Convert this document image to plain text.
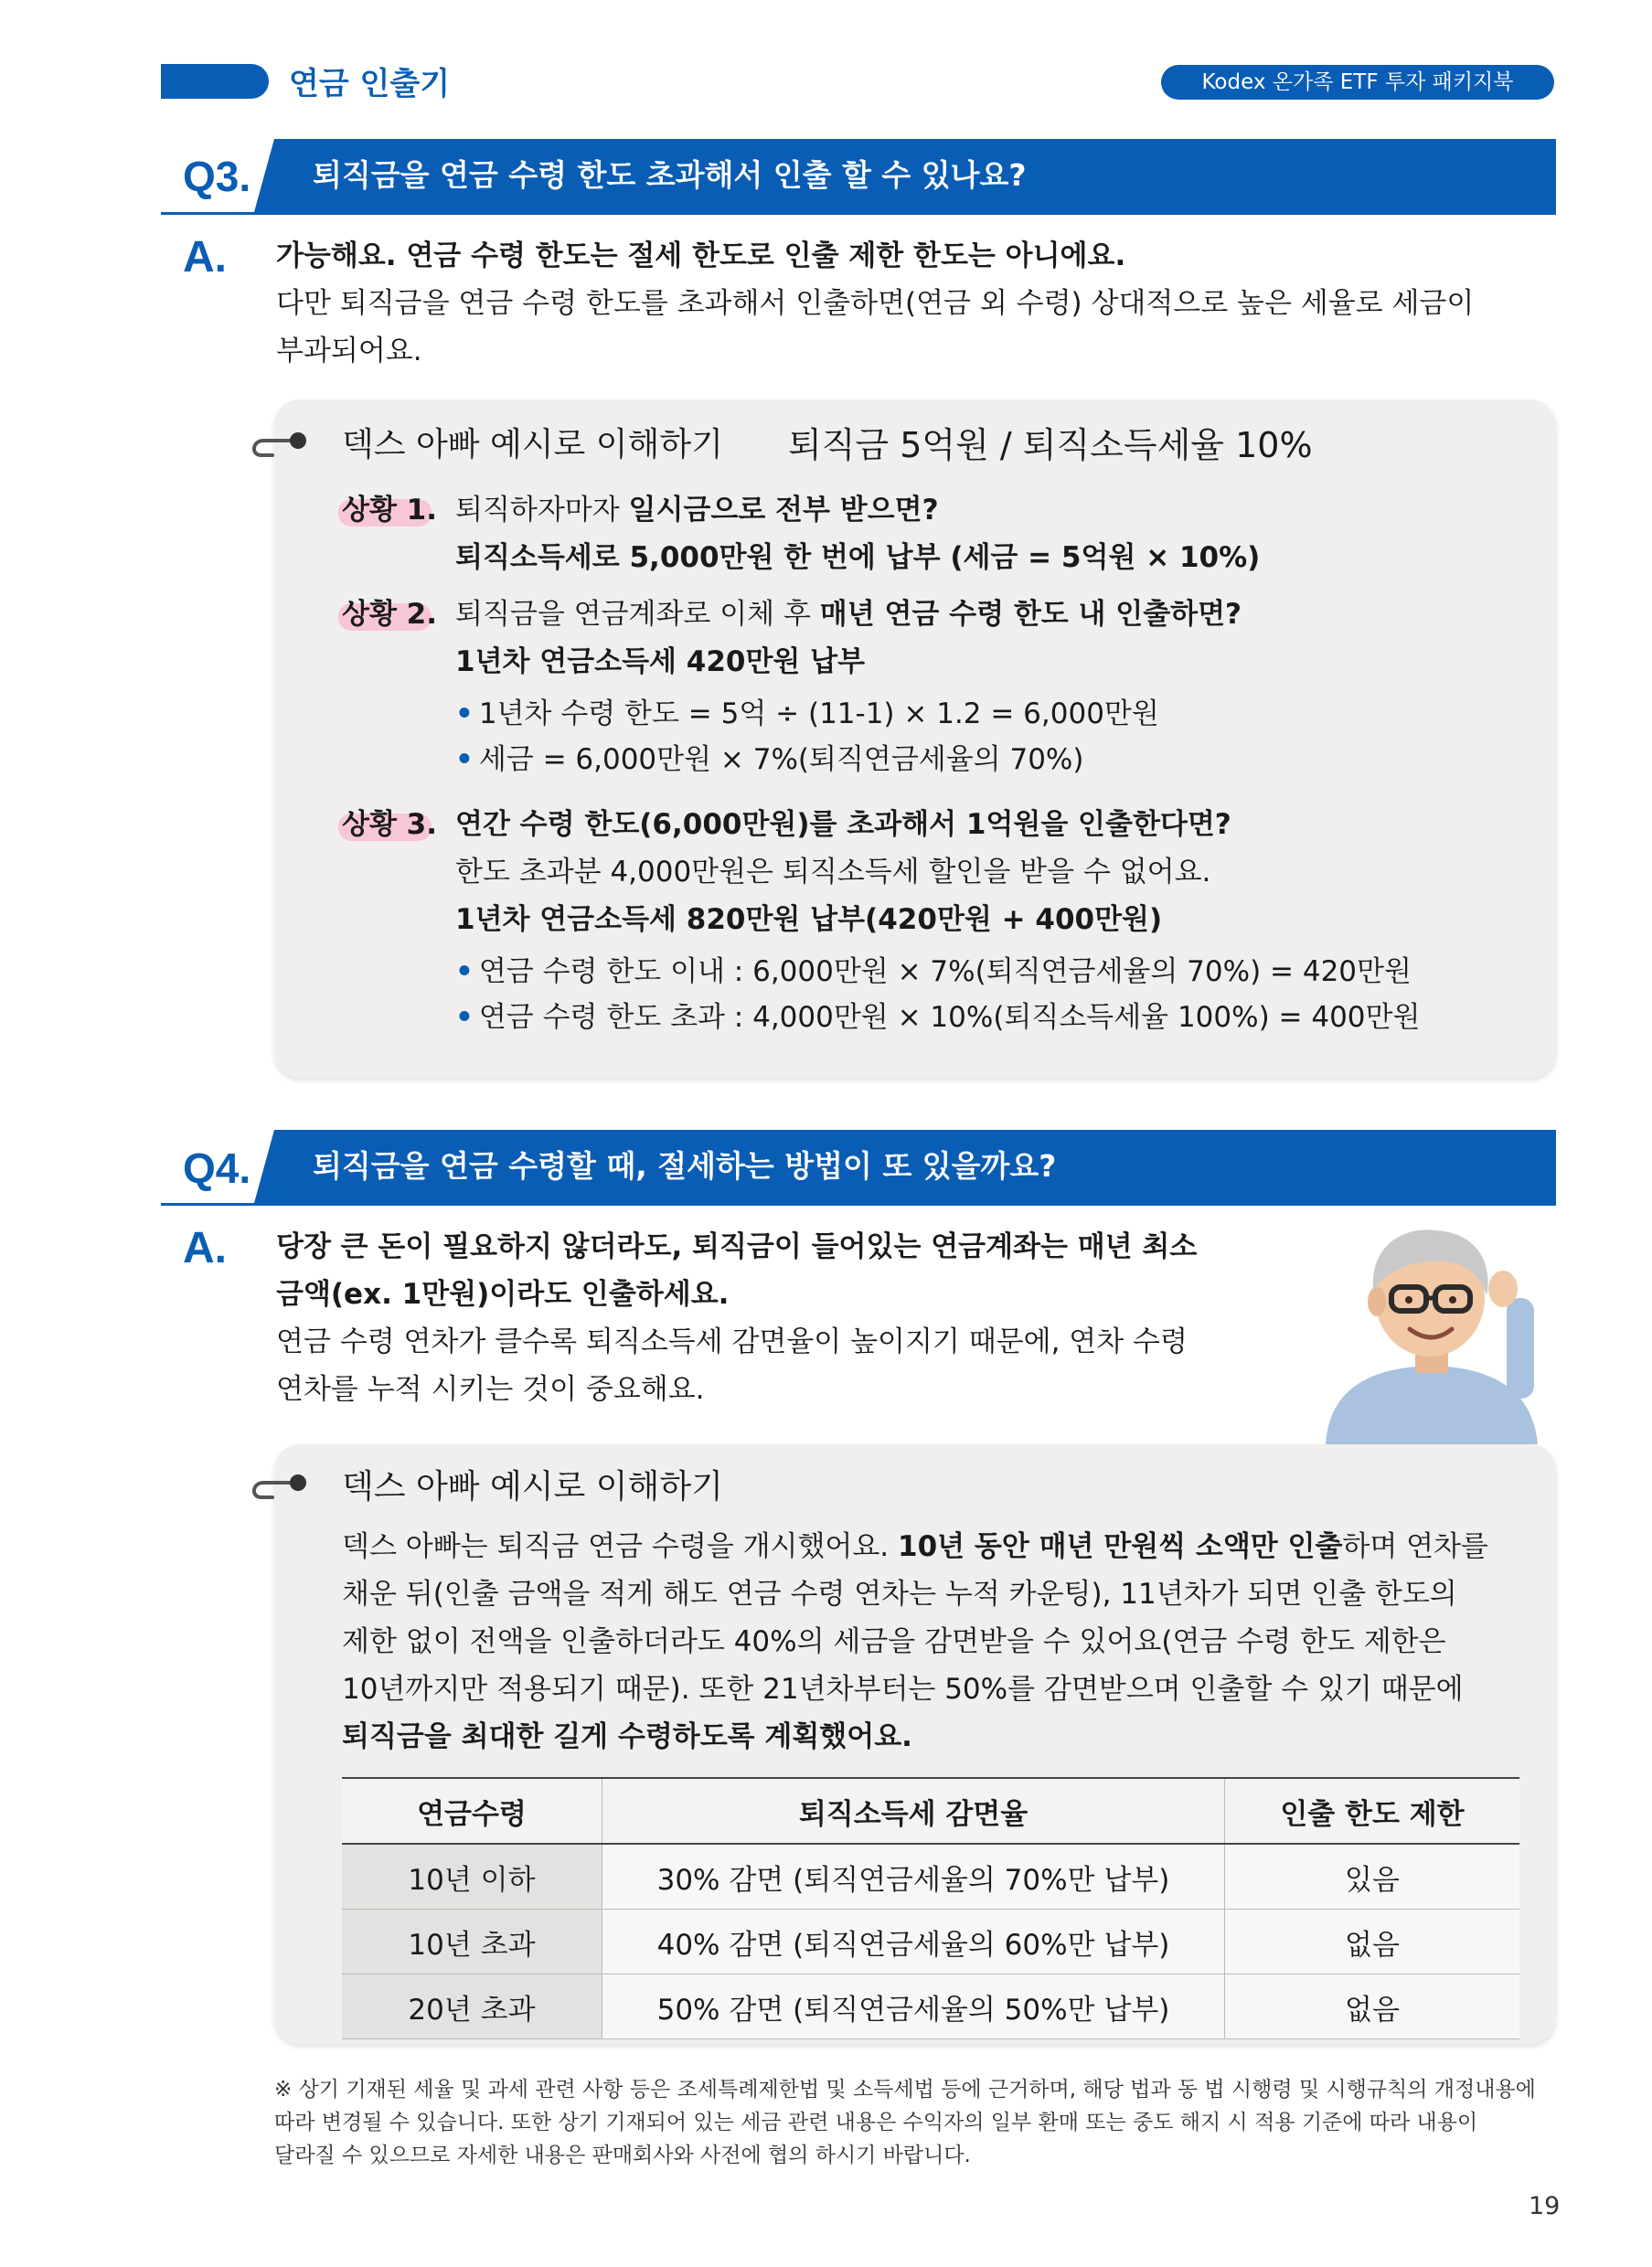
연금 인출기	Kodex 온가족 ETF 투자 패키지북
Q3.	퇴직금을 연금 수령 한도 초과해서 인출 할 수 있나요?
A. 가능해요. 연금 수령 한도는 절세 한도로 인출 제한 한도는 아니에요.
다만 퇴직금을 연금 수령 한도를 초과해서 인출하면(연금 외 수령) 상대적으로 높은 세율로 세금이
부과되어요.
덱스 아빠 예시로 이해하기 퇴직금 5억원 / 퇴직소득세율 10%
상황 1. 퇴직하자마자 일시금으로 전부 받으면?
퇴직소득세로 5,000만원 한 번에 납부 (세금 = 5억원 × 10%)
상황 2. 퇴직금을 연금계좌로 이체 후 매년 연금 수령 한도 내 인출하면?
1년차 연금소득세 420만원 납부
• 1년차 수령 한도 = 5억 ÷ (11-1) × 1.2 = 6,000만원
• 세금 = 6,000만원 × 7%(퇴직연금세율의 70%)
상황 3. 연간 수령 한도(6,000만원)를 초과해서 1억원을 인출한다면?
한도 초과분 4,000만원은 퇴직소득세 할인을 받을 수 없어요.
1년차 연금소득세 820만원 납부(420만원 + 400만원)
• 연금 수령 한도 이내 : 6,000만원 × 7%(퇴직연금세율의 70%) = 420만원
• 연금 수령 한도 초과 : 4,000만원 × 10%(퇴직소득세율 100%) = 400만원
Q4.	퇴직금을 연금 수령할 때, 절세하는 방법이 또 있을까요?
A. 당장 큰 돈이 필요하지 않더라도, 퇴직금이 들어있는 연금계좌는 매년 최소
금액(ex. 1만원)이라도 인출하세요.
연금 수령 연차가 클수록 퇴직소득세 감면율이 높이지기 때문에, 연차 수령
연차를 누적 시키는 것이 중요해요.
덱스 아빠 예시로 이해하기
덱스 아빠는 퇴직금 연금 수령을 개시했어요. 10년 동안 매년 만원씩 소액만 인출하며 연차를
채운 뒤(인출 금액을 적게 해도 연금 수령 연차는 누적 카운팅), 11년차가 되면 인출 한도의
제한 없이 전액을 인출하더라도 40%의 세금을 감면받을 수 있어요(연금 수령 한도 제한은
10년까지만 적용되기 때문). 또한 21년차부터는 50%를 감면받으며 인출할 수 있기 때문에
퇴직금을 최대한 길게 수령하도록 계획했어요.
연금수령	퇴직소득세 감면율	인출 한도 제한
10년 이하	30% 감면 (퇴직연금세율의 70%만 납부)	있음
10년 초과	40% 감면 (퇴직연금세율의 60%만 납부)	없음
20년 초과	50% 감면 (퇴직연금세율의 50%만 납부)	없음
※ 상기 기재된 세율 및 과세 관련 사항 등은 조세특례제한법 및 소득세법 등에 근거하며, 해당 법과 동 법 시행령 및 시행규칙의 개정내용에
따라 변경될 수 있습니다. 또한 상기 기재되어 있는 세금 관련 내용은 수익자의 일부 환매 또는 중도 해지 시 적용 기준에 따라 내용이
달라질 수 있으므로 자세한 내용은 판매회사와 사전에 협의 하시기 바랍니다.
19
